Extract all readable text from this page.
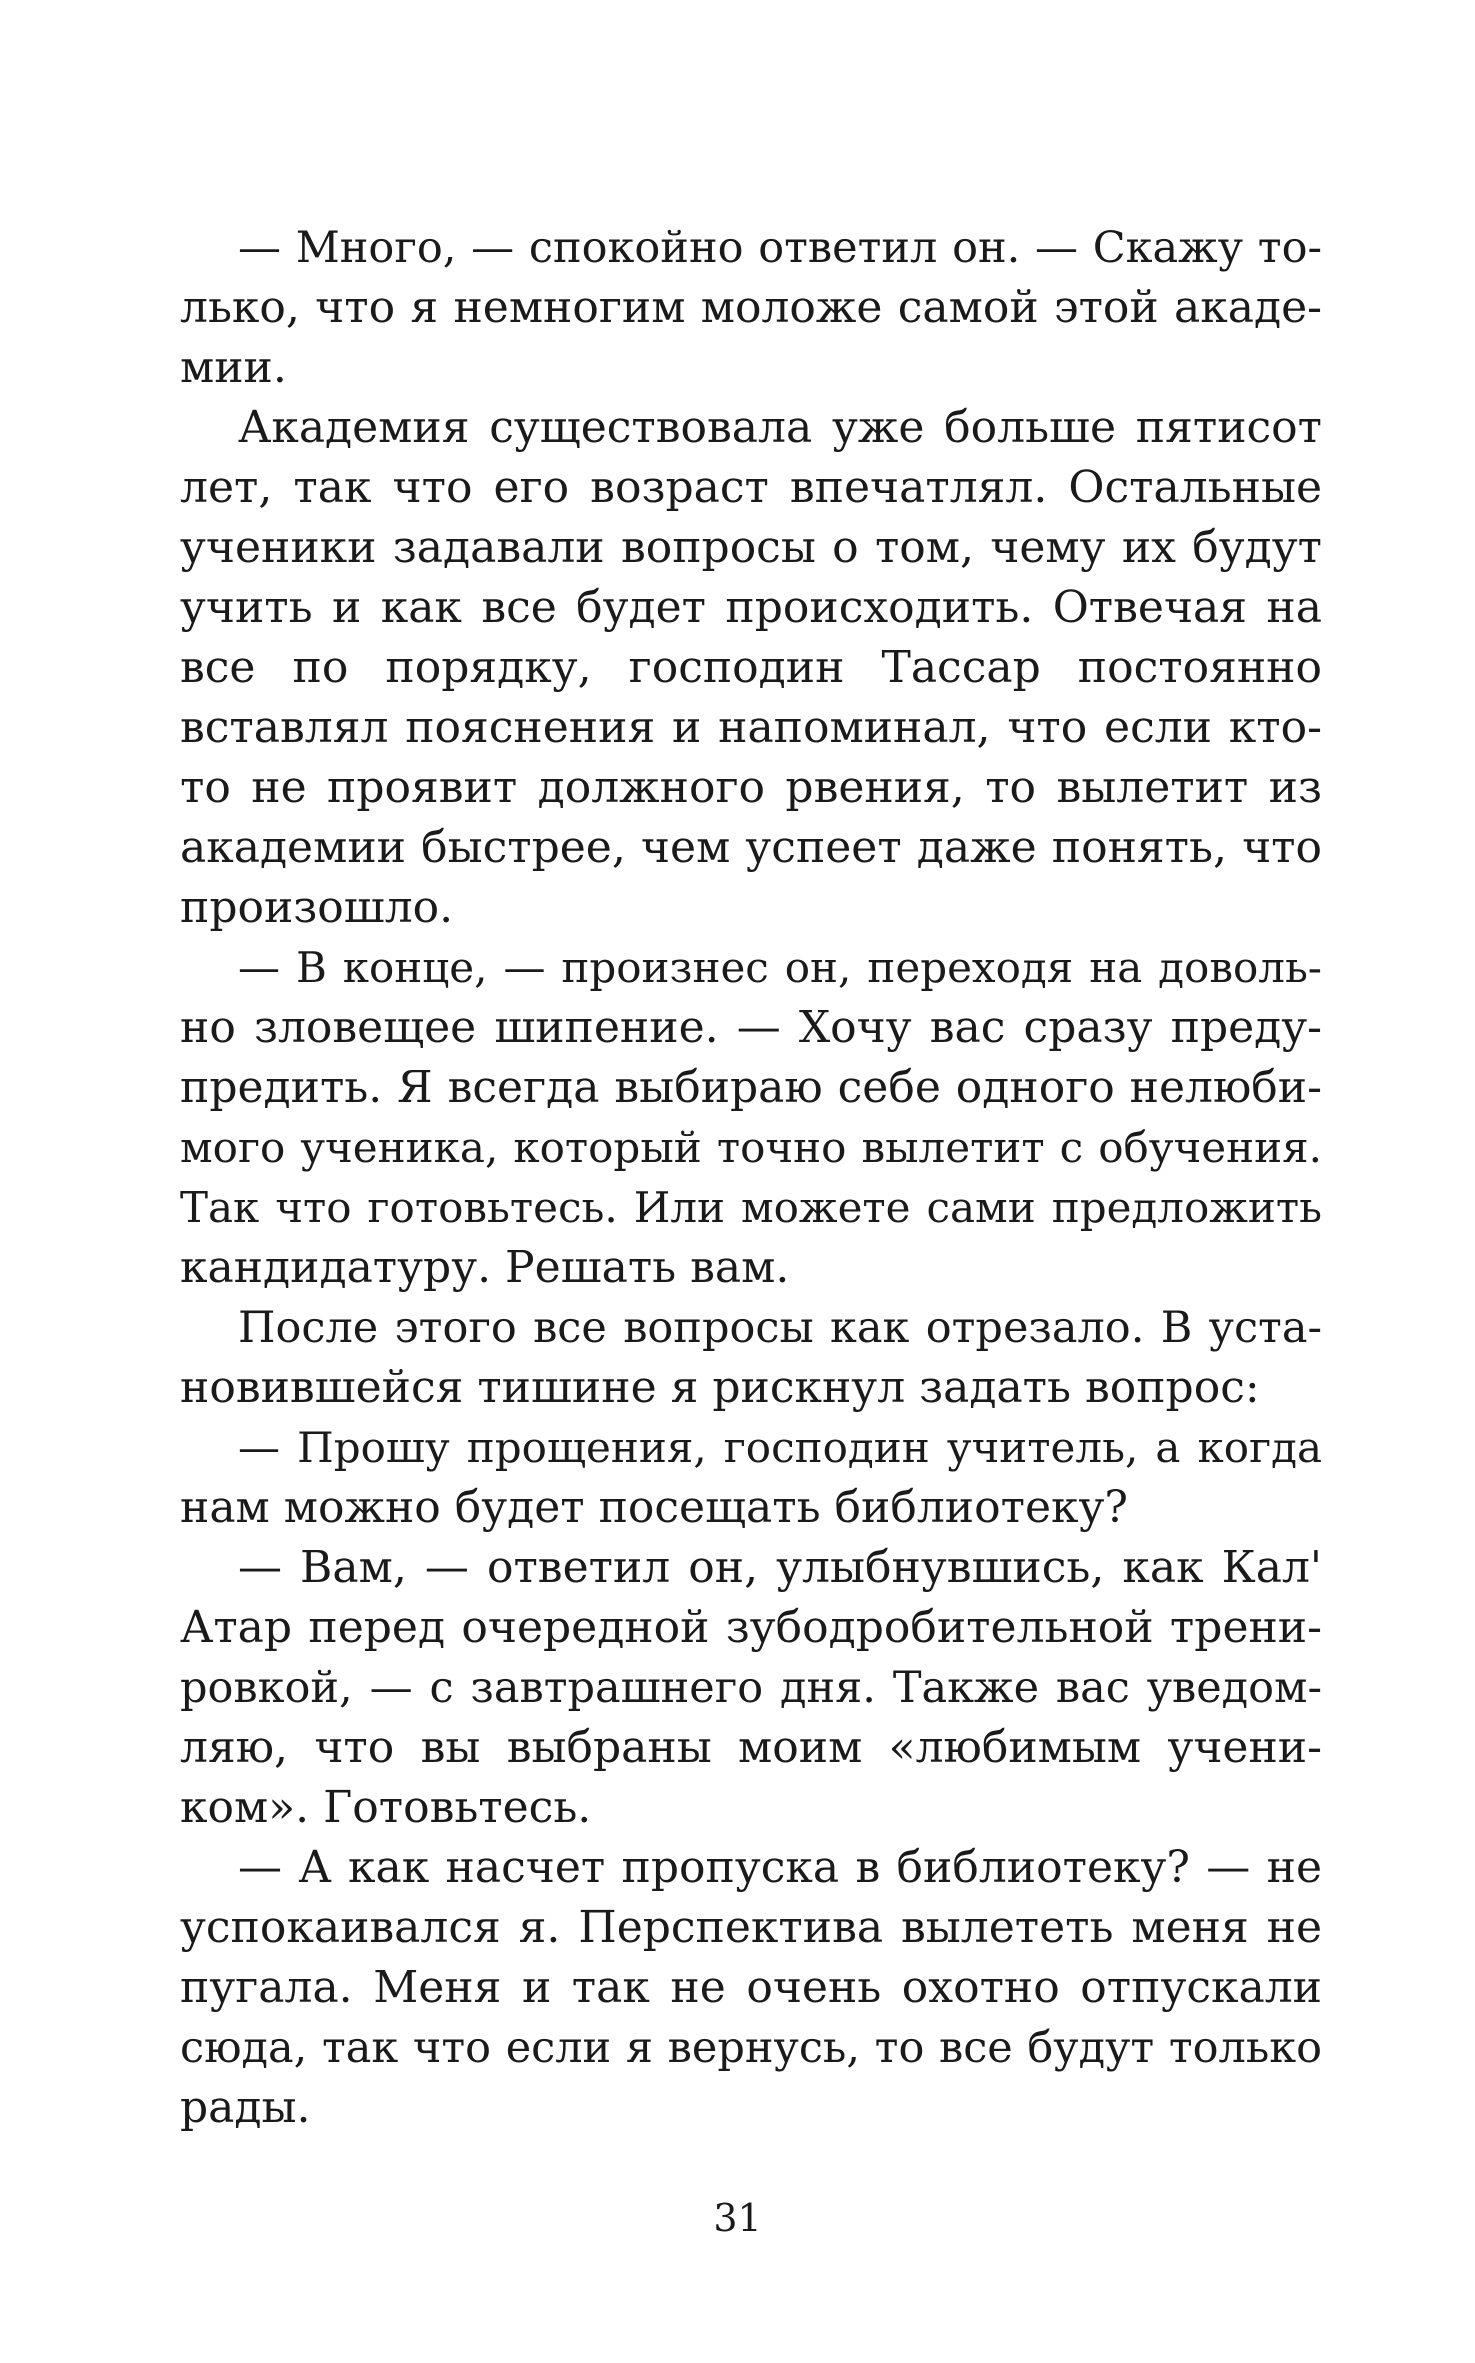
— Много, — спокойно ответил он. — Скажу то-
лько, что я немногим моложе самой этой акаде-
мии.
Академия существовала уже больше пятисот
лет, так что его возраст впечатлял. Остальные
ученики задавали вопросы о том, чему их будут
учить и как все будет происходить. Отвечая на
все по порядку, господин Тассар постоянно
вставлял пояснения и напоминал, что если кто-
то не проявит должного рвения, то вылетит из
академии быстрее, чем успеет даже понять, что
произошло.
— В конце, — произнес он, переходя на доволь-
но зловещее шипение. — Хочу вас сразу преду-
предить. Я всегда выбираю себе одного нелюби-
мого ученика, который точно вылетит с обучения.
Так что готовьтесь. Или можете сами предложить
кандидатуру. Решать вам.
После этого все вопросы как отрезало. В уста-
новившейся тишине я рискнул задать вопрос:
— Прошу прощения, господин учитель, а когда
нам можно будет посещать библиотеку?
— Вам, — ответил он, улыбнувшись, как Кал'
Атар перед очередной зубодробительной трени-
ровкой, — с завтрашнего дня. Также вас уведом-
ляю, что вы выбраны моим «любимым учени-
ком». Готовьтесь.
— А как насчет пропуска в библиотеку? — не
успокаивался я. Перспектива вылететь меня не
пугала. Меня и так не очень охотно отпускали
сюда, так что если я вернусь, то все будут только
рады.
31
